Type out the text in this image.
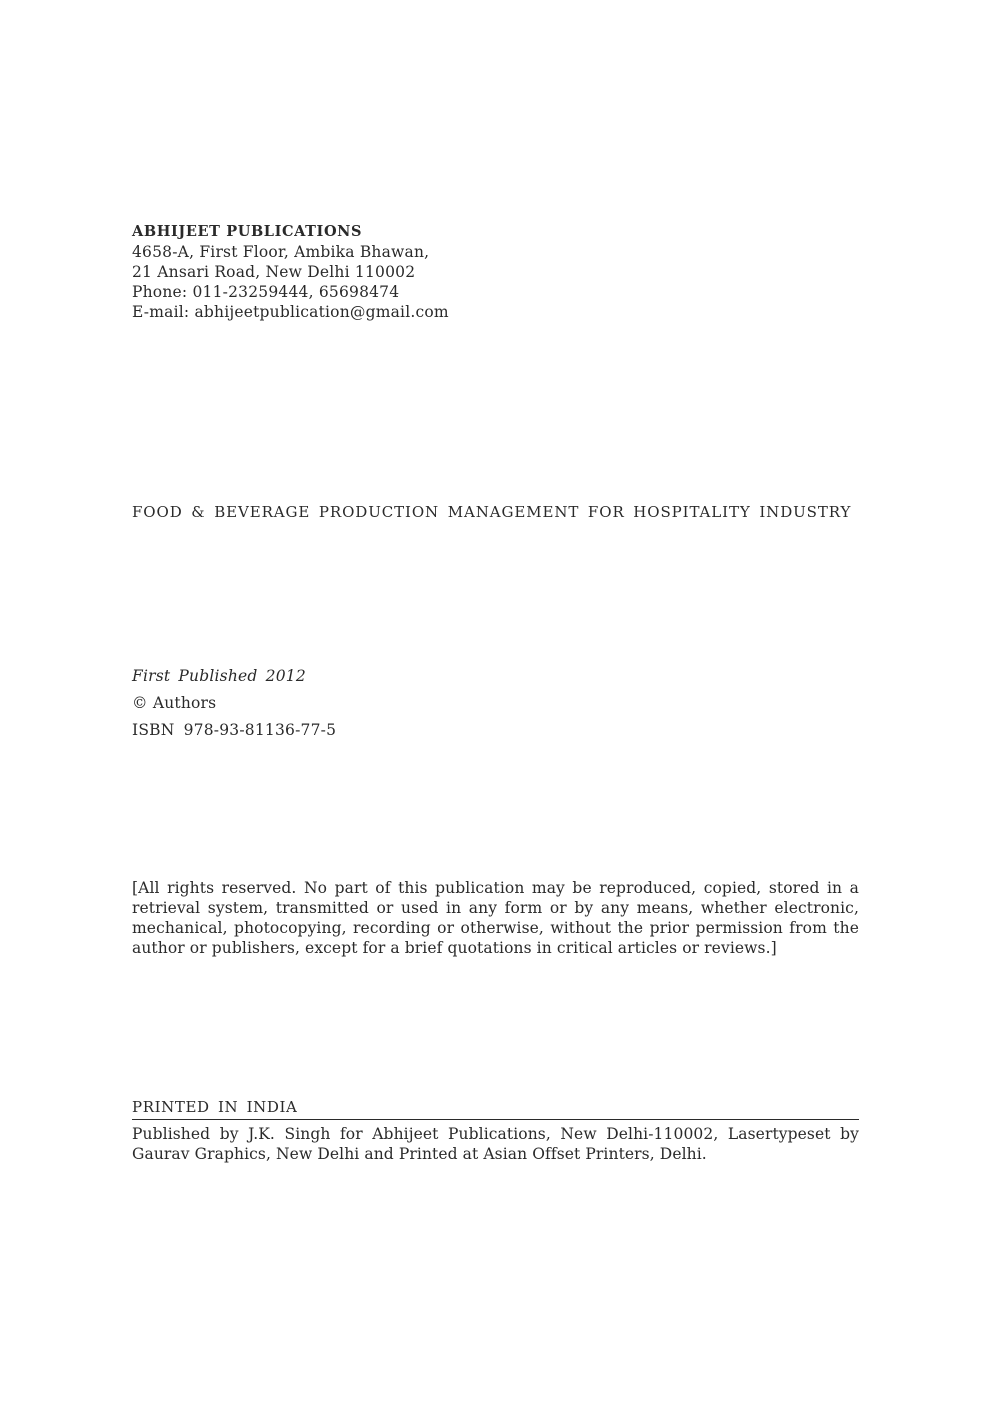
ABHIJEET PUBLICATIONS
4658-A, First Floor, Ambika Bhawan,
21 Ansari Road, New Delhi 110002
Phone: 011-23259444, 65698474
E-mail: abhijeetpublication@gmail.com
FOOD & BEVERAGE PRODUCTION MANAGEMENT FOR HOSPITALITY INDUSTRY
First Published 2012
© Authors
ISBN 978-93-81136-77-5
[All rights reserved. No part of this publication may be reproduced, copied, stored in a retrieval system, transmitted or used in any form or by any means, whether electronic, mechanical, photocopying, recording or otherwise, without the prior permission from the author or publishers, except for a brief quotations in critical articles or reviews.]
PRINTED IN INDIA
Published by J.K. Singh for Abhijeet Publications, New Delhi-110002, Lasertypeset by Gaurav Graphics, New Delhi and Printed at Asian Offset Printers, Delhi.
